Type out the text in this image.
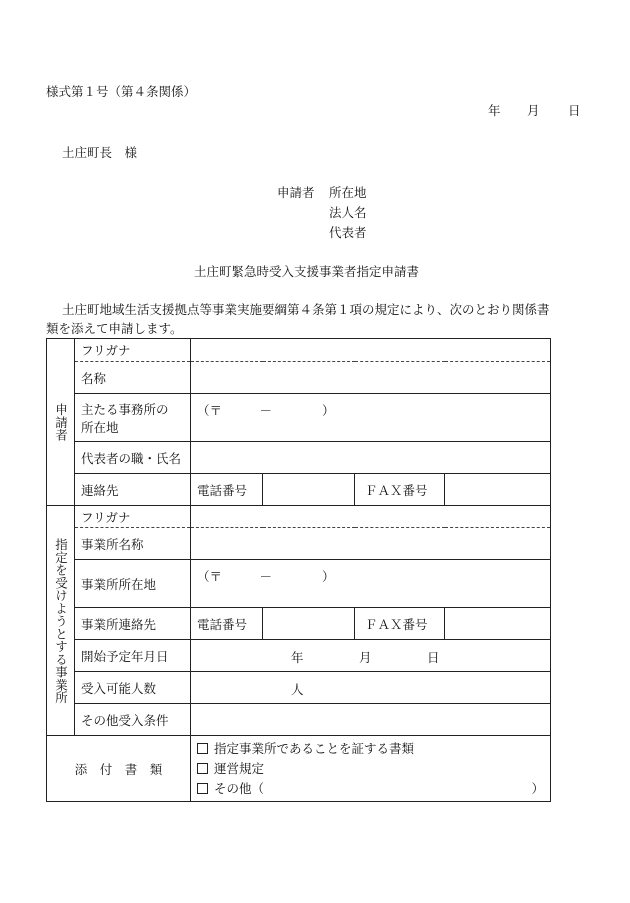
様式第１号（第４条関係）
年 月 日
土庄町長　様
申請者 所在地
法人名
代表者
土庄町緊急時受入支援事業者指定申請書
土庄町地域生活支援拠点等事業実施要綱第４条第１項の規定により、次のとおり関係書
類を添えて申請します。
申請者	フリガナ				
	名称				

	主たる事務所の
所在地	（〒　　　－　　　　）			
	代表者の職・氏名				
	連絡先	電話番号		ＦＡＸ番号	

指定を受けようとする事業所	フリガナ				
	事業所名称				
	事業所所在地	（〒　　　－　　　　）			
	事業所連絡先	電話番号		ＦＡＸ番号	
	開始予定年月日	年 月 日			

	受入可能人数	人			

	その他受入条件				
添　付　書　類		指定事業所であることを証する書類
運営規定
その他（ ）			
